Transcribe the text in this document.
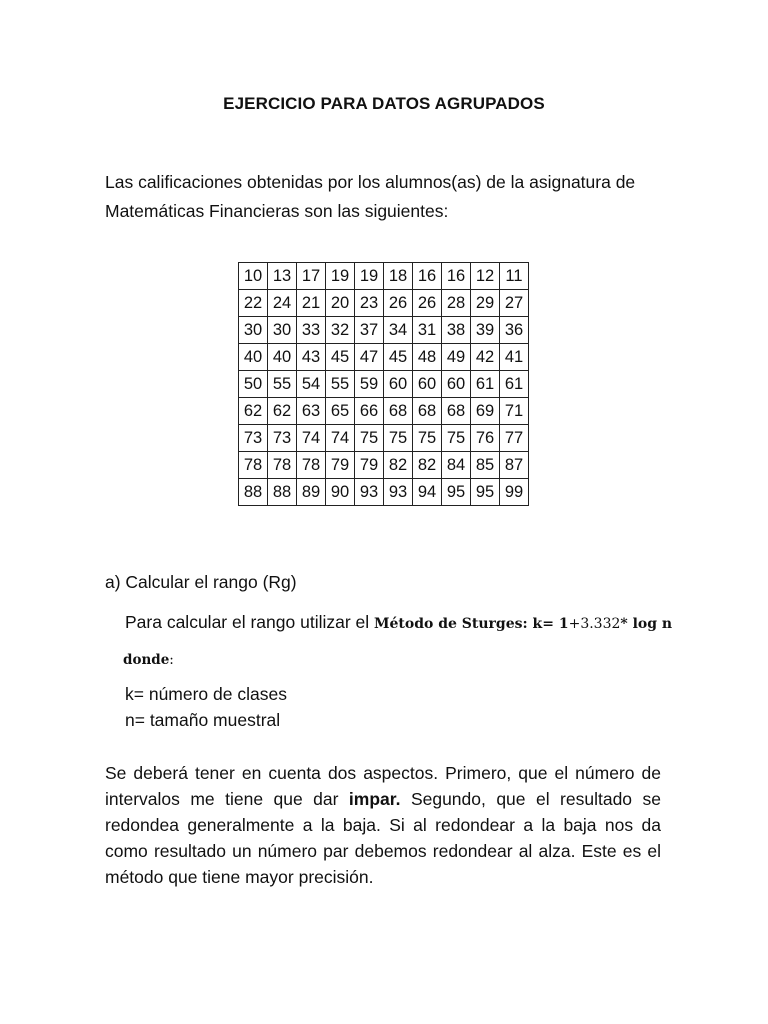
EJERCICIO PARA DATOS AGRUPADOS
Las calificaciones obtenidas por los alumnos(as) de la asignatura de Matemáticas Financieras son las siguientes:
10	13	17	19	19	18	16	16	12	11
22	24	21	20	23	26	26	28	29	27
30	30	33	32	37	34	31	38	39	36
40	40	43	45	47	45	48	49	42	41
50	55	54	55	59	60	60	60	61	61
62	62	63	65	66	68	68	68	69	71
73	73	74	74	75	75	75	75	76	77
78	78	78	79	79	82	82	84	85	87
88	88	89	90	93	93	94	95	95	99
a) Calcular el rango (Rg)
Para calcular el rango utilizar el Método de Sturges: k= 1+3.332* log n
donde:
k= número de clases
n= tamaño muestral
Se deberá tener en cuenta dos aspectos. Primero, que el número de intervalos me tiene que dar impar. Segundo, que el resultado se redondea generalmente a la baja. Si al redondear a la baja nos da como resultado un número par debemos redondear al alza. Este es el método que tiene mayor precisión.
